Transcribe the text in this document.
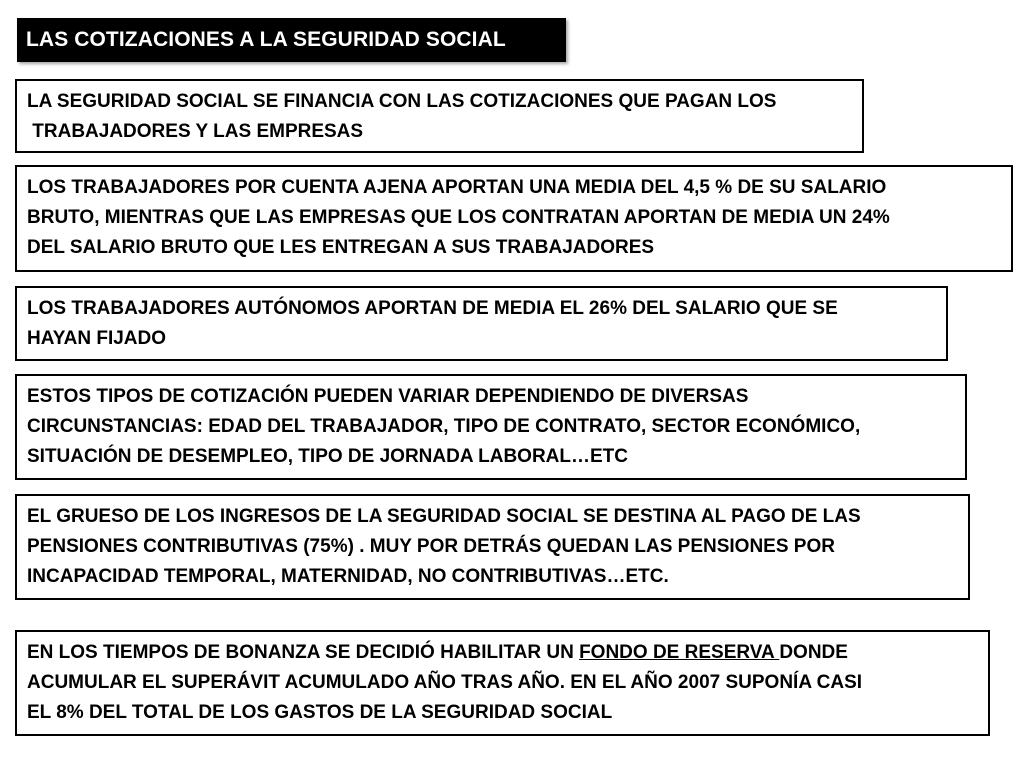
LAS COTIZACIONES A LA SEGURIDAD SOCIAL

LA SEGURIDAD SOCIAL SE FINANCIA CON LAS COTIZACIONES QUE PAGAN LOS
TRABAJADORES Y LAS EMPRESAS

LOS TRABAJADORES POR CUENTA AJENA APORTAN UNA MEDIA DEL 4,5 % DE SU SALARIO
BRUTO, MIENTRAS QUE LAS EMPRESAS QUE LOS CONTRATAN APORTAN DE MEDIA UN 24%
DEL SALARIO BRUTO QUE LES ENTREGAN A SUS TRABAJADORES

LOS TRABAJADORES AUTÓNOMOS APORTAN DE MEDIA EL 26% DEL SALARIO QUE SE
HAYAN FIJADO

ESTOS TIPOS DE COTIZACIÓN PUEDEN VARIAR DEPENDIENDO DE DIVERSAS
CIRCUNSTANCIAS: EDAD DEL TRABAJADOR, TIPO DE CONTRATO, SECTOR ECONÓMICO,
SITUACIÓN DE DESEMPLEO, TIPO DE JORNADA LABORAL…ETC

EL GRUESO DE LOS INGRESOS DE LA SEGURIDAD SOCIAL SE DESTINA AL PAGO DE LAS
PENSIONES CONTRIBUTIVAS (75%) . MUY POR DETRÁS QUEDAN LAS PENSIONES POR
INCAPACIDAD TEMPORAL, MATERNIDAD, NO CONTRIBUTIVAS…ETC.

EN LOS TIEMPOS DE BONANZA SE DECIDIÓ HABILITAR UN FONDO DE RESERVA DONDE
ACUMULAR EL SUPERÁVIT ACUMULADO AÑO TRAS AÑO. EN EL AÑO 2007 SUPONÍA CASI
EL 8% DEL TOTAL DE LOS GASTOS DE LA SEGURIDAD SOCIAL
